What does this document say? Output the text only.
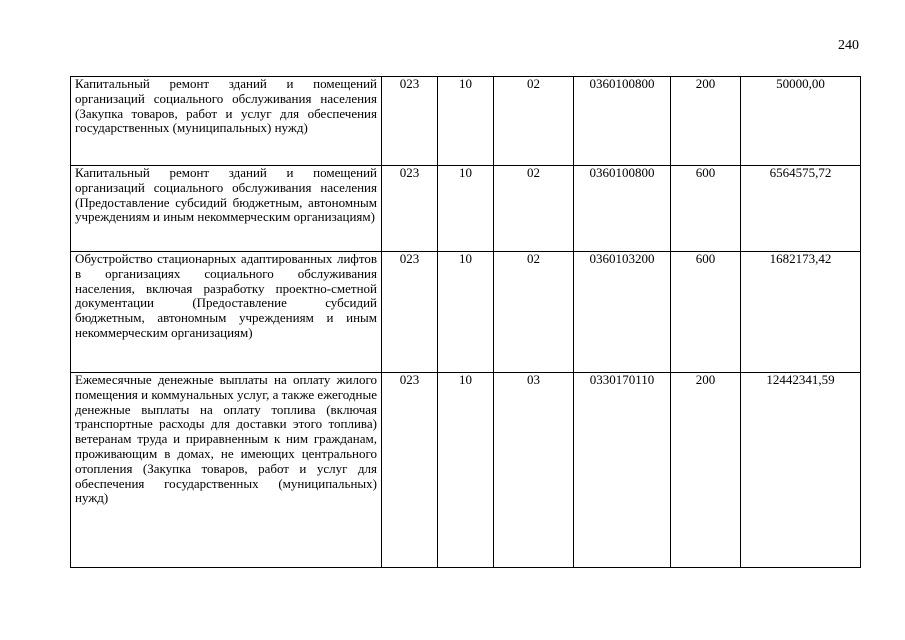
240
Капитальный ремонт зданий и помещений организаций социального обслуживания населения (Закупка товаров, работ и услуг для обеспечения государственных (муниципальных) нужд)	023	10	02	0360100800	200	50000,00
Капитальный ремонт зданий и помещений организаций социального обслуживания населения (Предоставление субсидий бюджетным, автономным учреждениям и иным некоммерческим организациям)	023	10	02	0360100800	600	6564575,72
Обустройство стационарных адаптированных лифтов в организациях социального обслуживания населения, включая разработку проектно-сметной документации (Предоставление субсидий бюджетным, автономным учреждениям и иным некоммерческим организациям)	023	10	02	0360103200	600	1682173,42
Ежемесячные денежные выплаты на оплату жилого помещения и коммунальных услуг, а также ежегодные денежные выплаты на оплату топлива (включая транспортные расходы для доставки этого топлива) ветеранам труда и приравненным к ним гражданам, проживающим в домах, не имеющих центрального отопления (Закупка товаров, работ и услуг для обеспечения государственных (муниципальных) нужд)	023	10	03	0330170110	200	12442341,59
